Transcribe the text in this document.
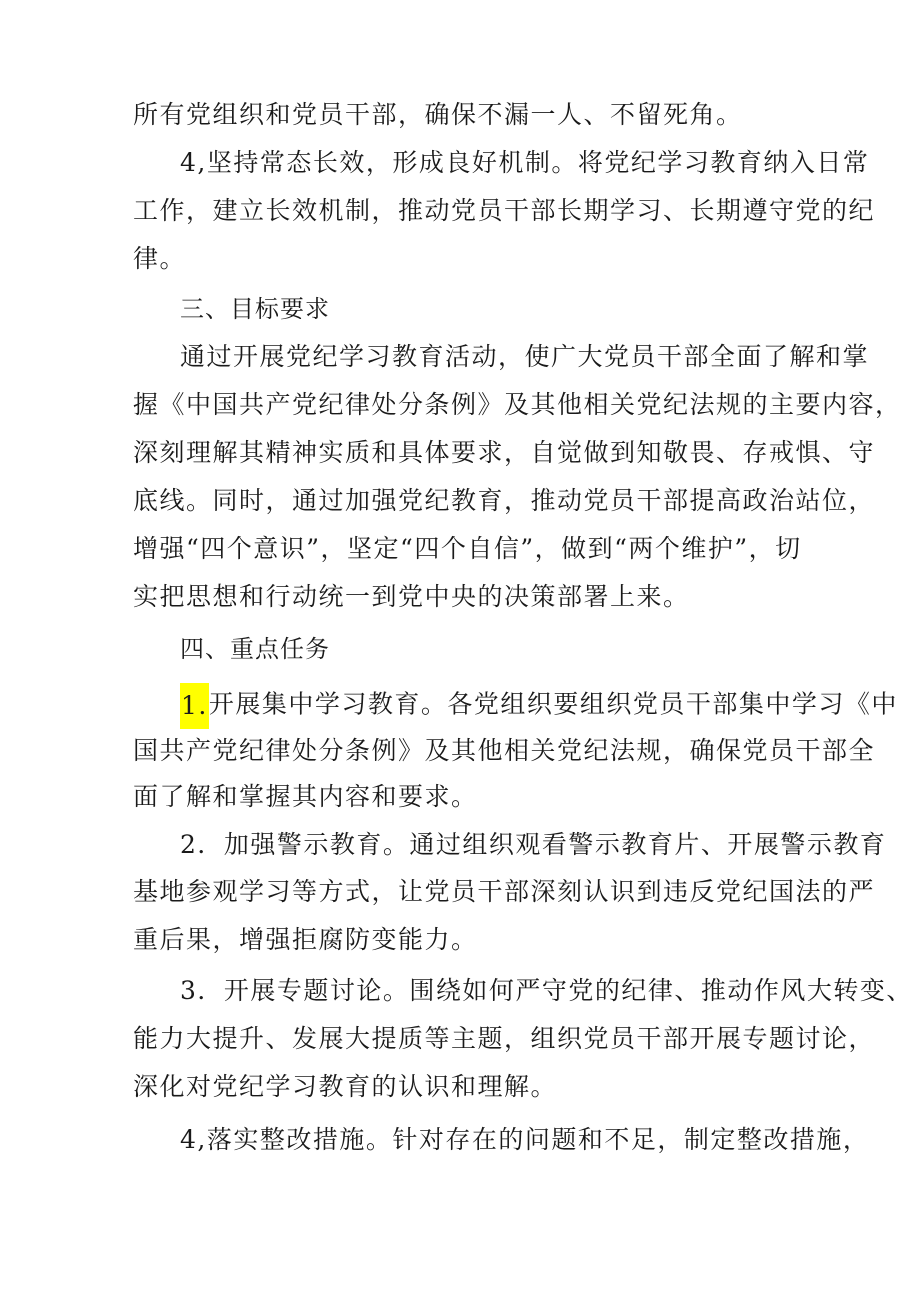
所有党组织和党员干部，确保不漏一人、不留死角。
4,坚持常态长效，形成良好机制。将党纪学习教育纳入日常
工作，建立长效机制，推动党员干部长期学习、长期遵守党的纪
律。
三、目标要求
通过开展党纪学习教育活动，使广大党员干部全面了解和掌
握《中国共产党纪律处分条例》及其他相关党纪法规的主要内容，
深刻理解其精神实质和具体要求，自觉做到知敬畏、存戒惧、守
底线。同时，通过加强党纪教育，推动党员干部提高政治站位，
增强“四个意识”，坚定“四个自信”，做到“两个维护”，切
实把思想和行动统一到党中央的决策部署上来。
四、重点任务
1.开展集中学习教育。各党组织要组织党员干部集中学习《中
国共产党纪律处分条例》及其他相关党纪法规，确保党员干部全
面了解和掌握其内容和要求。
2．加强警示教育。通过组织观看警示教育片、开展警示教育
基地参观学习等方式，让党员干部深刻认识到违反党纪国法的严
重后果，增强拒腐防变能力。
3．开展专题讨论。围绕如何严守党的纪律、推动作风大转变、
能力大提升、发展大提质等主题，组织党员干部开展专题讨论，
深化对党纪学习教育的认识和理解。
4,落实整改措施。针对存在的问题和不足，制定整改措施，
